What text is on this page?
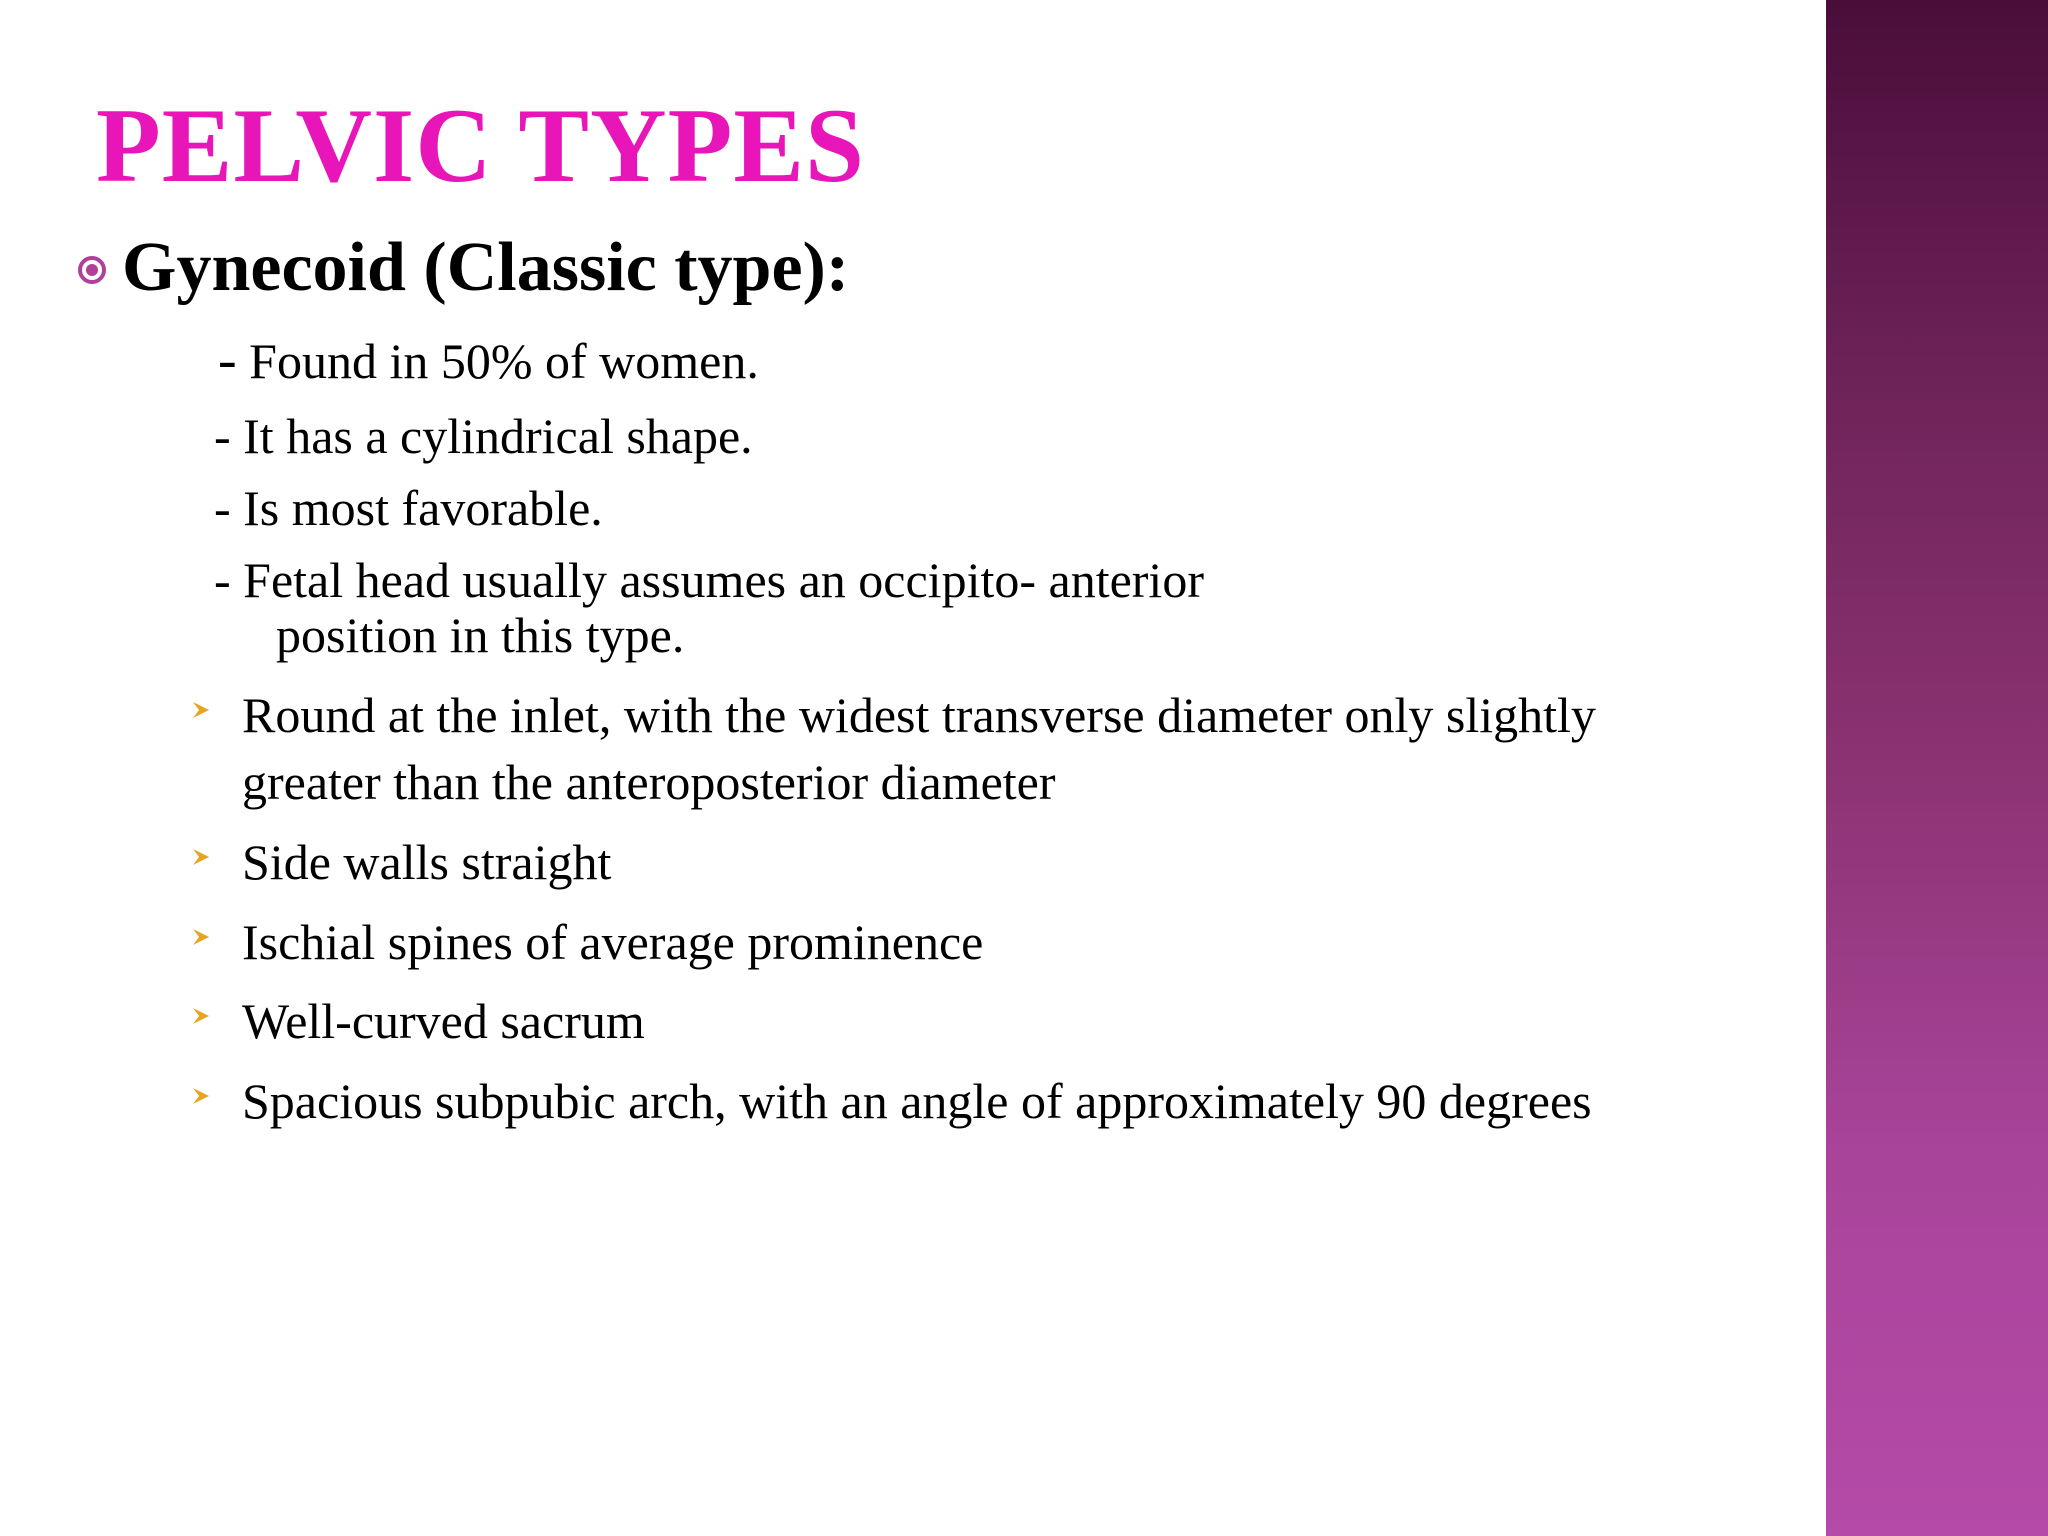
PELVIC TYPES
Gynecoid (Classic type):
- Found in 50% of women.
- It has a cylindrical shape.
- Is most favorable.
- Fetal head usually assumes an occipito- anterior
position in this type.
Round at the inlet, with the widest transverse diameter only slightly
greater than the anteroposterior diameter
Side walls straight
Ischial spines of average prominence
Well-curved sacrum
Spacious subpubic arch, with an angle of approximately 90 degrees
